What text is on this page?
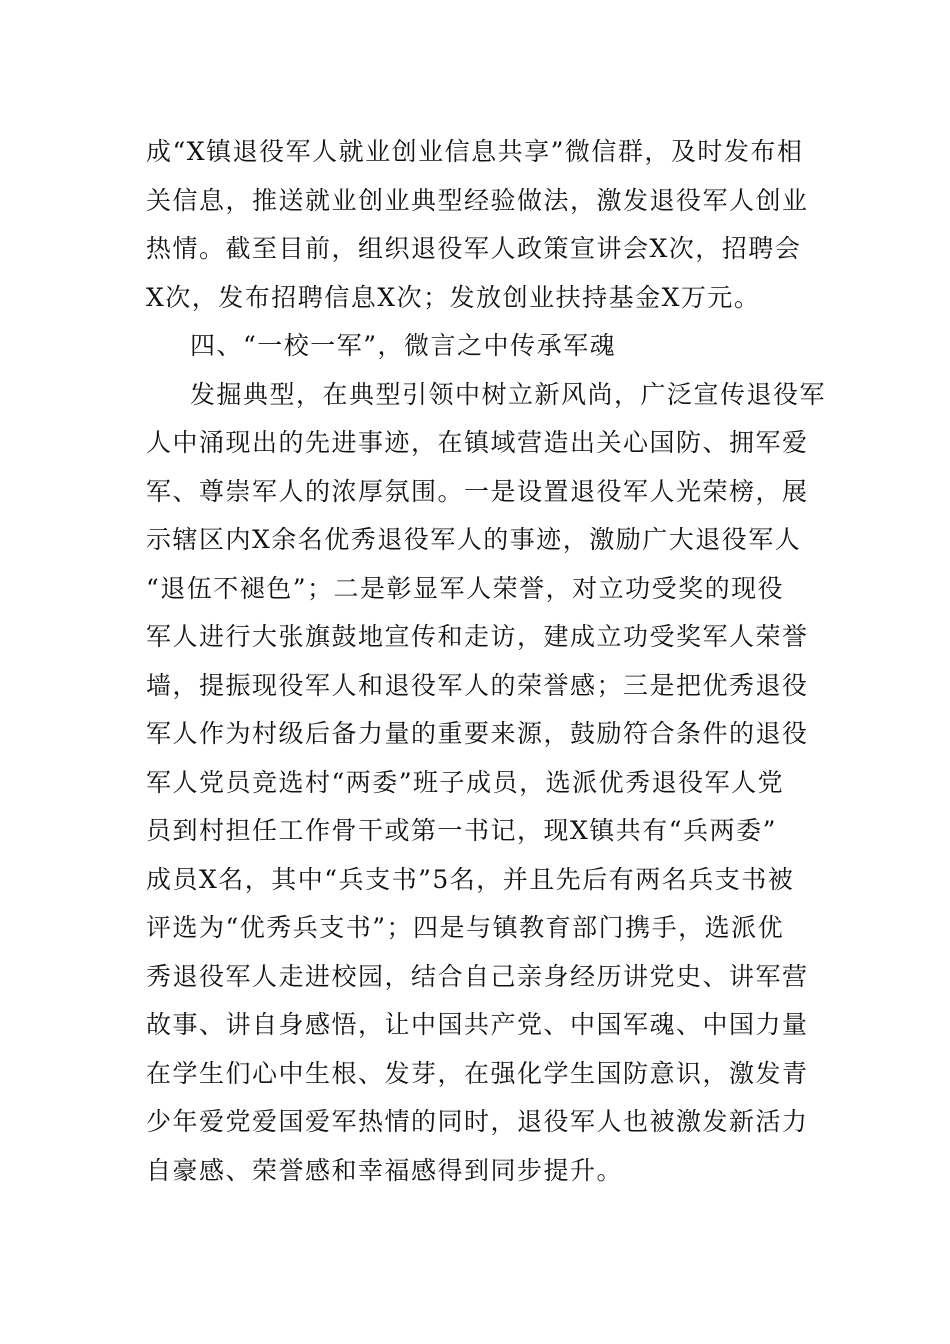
成“X镇退役军人就业创业信息共享”微信群，及时发布相
关信息，推送就业创业典型经验做法，激发退役军人创业
热情。截至目前，组织退役军人政策宣讲会X次，招聘会
X次，发布招聘信息X次；发放创业扶持基金X万元。
四、“一校一军”，微言之中传承军魂
发掘典型，在典型引领中树立新风尚，广泛宣传退役军
人中涌现出的先进事迹，在镇域营造出关心国防、拥军爱
军、尊崇军人的浓厚氛围。一是设置退役军人光荣榜，展
示辖区内X余名优秀退役军人的事迹，激励广大退役军人
“退伍不褪色”；二是彰显军人荣誉，对立功受奖的现役
军人进行大张旗鼓地宣传和走访，建成立功受奖军人荣誉
墙，提振现役军人和退役军人的荣誉感；三是把优秀退役
军人作为村级后备力量的重要来源，鼓励符合条件的退役
军人党员竞选村“两委”班子成员，选派优秀退役军人党
员到村担任工作骨干或第一书记，现X镇共有“兵两委”
成员X名，其中“兵支书”5名，并且先后有两名兵支书被
评选为“优秀兵支书”；四是与镇教育部门携手，选派优
秀退役军人走进校园，结合自己亲身经历讲党史、讲军营
故事、讲自身感悟，让中国共产党、中国军魂、中国力量
在学生们心中生根、发芽，在强化学生国防意识，激发青
少年爱党爱国爱军热情的同时，退役军人也被激发新活力
自豪感、荣誉感和幸福感得到同步提升。
